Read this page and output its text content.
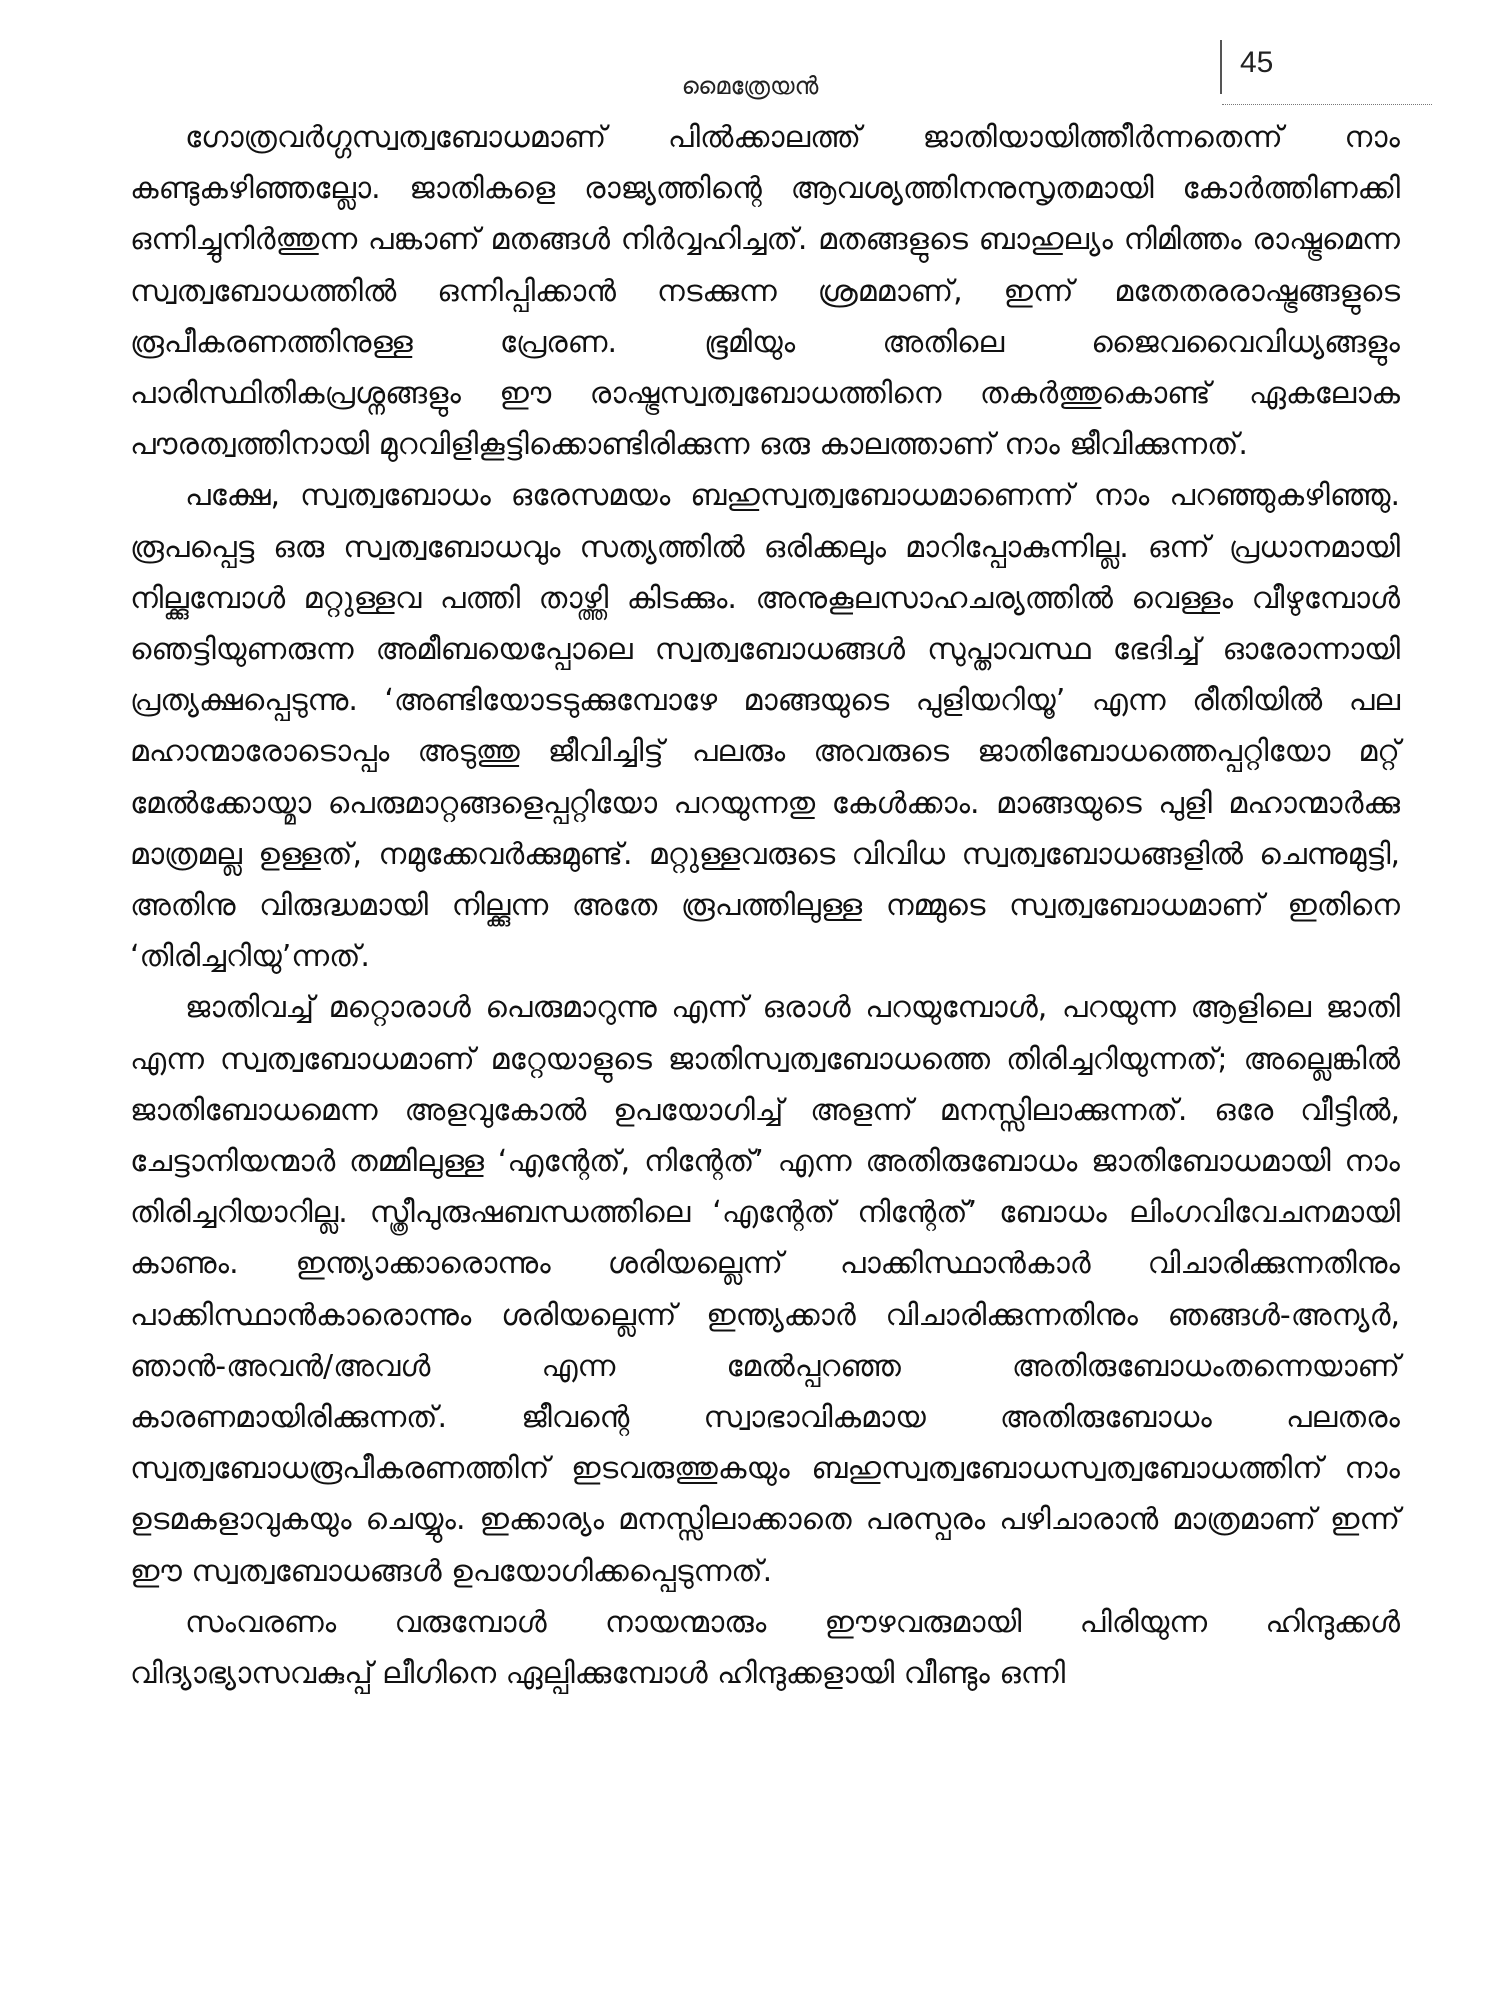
മൈത്രേയൻ
45

ഗോത്രവർഗ്ഗസ്വത്വബോധമാണ് പിൽക്കാലത്ത് ജാതിയായിത്തീർന്നതെന്ന് നാം കണ്ടുകഴിഞ്ഞല്ലോ. ജാതികളെ രാജ്യത്തിന്റെ ആവശ്യത്തിനനുസൃതമായി കോർത്തിണക്കി ഒന്നിച്ചുനിർത്തുന്ന പങ്കാണ് മതങ്ങൾ നിർവ്വഹിച്ചത്. മതങ്ങളുടെ ബാഹുല്യം നിമിത്തം രാഷ്ട്രമെന്ന സ്വത്വബോധത്തിൽ ഒന്നിപ്പിക്കാൻ നടക്കുന്ന ശ്രമമാണ്, ഇന്ന് മതേതരരാഷ്ട്രങ്ങളുടെ രൂപീകരണത്തിനുള്ള പ്രേരണ. ഭൂമിയും അതിലെ ജൈവവൈവിധ്യങ്ങളും പാരിസ്ഥിതികപ്രശ്നങ്ങളും ഈ രാഷ്ട്രസ്വത്വബോധത്തിനെ തകർത്തുകൊണ്ട് ഏകലോക പൗരത്വത്തിനായി മുറവിളികൂട്ടിക്കൊണ്ടിരിക്കുന്ന ഒരു കാലത്താണ് നാം ജീവിക്കുന്നത്.

പക്ഷേ, സ്വത്വബോധം ഒരേസമയം ബഹുസ്വത്വബോധമാണെന്ന് നാം പറഞ്ഞുകഴിഞ്ഞു. രൂപപ്പെട്ട ഒരു സ്വത്വബോധവും സത്യത്തിൽ ഒരിക്കലും മാറിപ്പോകുന്നില്ല. ഒന്ന് പ്രധാനമായി നില്ക്കുമ്പോൾ മറ്റുള്ളവ പത്തി താഴ്ത്തി കിടക്കും. അനുകൂലസാഹചര്യത്തിൽ വെള്ളം വീഴുമ്പോൾ ഞെട്ടിയുണരുന്ന അമീബയെപ്പോലെ സ്വത്വബോധങ്ങൾ സുപ്താവസ്ഥ ഭേദിച്ച് ഓരോന്നായി പ്രത്യക്ഷപ്പെടുന്നു. ‘അണ്ടിയോടടുക്കുമ്പോഴേ മാങ്ങയുടെ പുളിയറിയൂ’ എന്ന രീതിയിൽ പല മഹാന്മാരോടൊപ്പം അടുത്തു ജീവിച്ചിട്ട് പലരും അവരുടെ ജാതിബോധത്തെപ്പറ്റിയോ മറ്റ് മേൽക്കോയ്മാ പെരുമാറ്റങ്ങളെപ്പറ്റിയോ പറയുന്നതു കേൾക്കാം. മാങ്ങയുടെ പുളി മഹാന്മാർക്കു മാത്രമല്ല ഉള്ളത്, നമുക്കേവർക്കുമുണ്ട്. മറ്റുള്ളവരുടെ വിവിധ സ്വത്വബോധങ്ങളിൽ ചെന്നുമുട്ടി, അതിനു വിരുദ്ധമായി നില്ക്കുന്ന അതേ രൂപത്തിലുള്ള നമ്മുടെ സ്വത്വബോധമാണ് ഇതിനെ ‘തിരിച്ചറിയു’ന്നത്.

ജാതിവച്ച് മറ്റൊരാൾ പെരുമാറുന്നു എന്ന് ഒരാൾ പറയുമ്പോൾ, പറയുന്ന ആളിലെ ജാതി എന്ന സ്വത്വബോധമാണ് മറ്റേയാളുടെ ജാതിസ്വത്വബോധത്തെ തിരിച്ചറിയുന്നത്; അല്ലെങ്കിൽ ജാതിബോധമെന്ന അളവുകോൽ ഉപയോഗിച്ച് അളന്ന് മനസ്സിലാക്കുന്നത്. ഒരേ വീട്ടിൽ, ചേട്ടാനിയന്മാർ തമ്മിലുള്ള ‘എന്റേത്, നിന്റേത്’ എന്ന അതിരുബോധം ജാതിബോധമായി നാം തിരിച്ചറിയാറില്ല. സ്ത്രീപുരുഷബന്ധത്തിലെ ‘എന്റേത് നിന്റേത്’ ബോധം ലിംഗവിവേചനമായി കാണും. ഇന്ത്യാക്കാരൊന്നും ശരിയല്ലെന്ന് പാക്കിസ്ഥാൻകാർ വിചാരിക്കുന്നതിനും പാക്കിസ്ഥാൻകാരൊന്നും ശരിയല്ലെന്ന് ഇന്ത്യക്കാർ വിചാരിക്കുന്നതിനും ഞങ്ങൾ-അന്യർ, ഞാൻ-അവൻ/അവൾ എന്ന മേൽപ്പറഞ്ഞ അതിരുബോധംതന്നെയാണ് കാരണമായിരിക്കുന്നത്. ജീവന്റെ സ്വാഭാവികമായ അതിരുബോധം പലതരം സ്വത്വബോധരൂപീകരണത്തിന് ഇടവരുത്തുകയും ബഹുസ്വത്വബോധസ്വത്വബോധത്തിന് നാം ഉടമകളാവുകയും ചെയ്യും. ഇക്കാര്യം മനസ്സിലാക്കാതെ പരസ്പരം പഴിചാരാൻ മാത്രമാണ് ഇന്ന് ഈ സ്വത്വബോധങ്ങൾ ഉപയോഗിക്കപ്പെടുന്നത്.

സംവരണം വരുമ്പോൾ നായന്മാരും ഈഴവരുമായി പിരിയുന്ന ഹിന്ദുക്കൾ വിദ്യാഭ്യാസവകുപ്പ് ലീഗിനെ ഏല്പിക്കുമ്പോൾ ഹിന്ദുക്കളായി വീണ്ടും ഒന്നി
